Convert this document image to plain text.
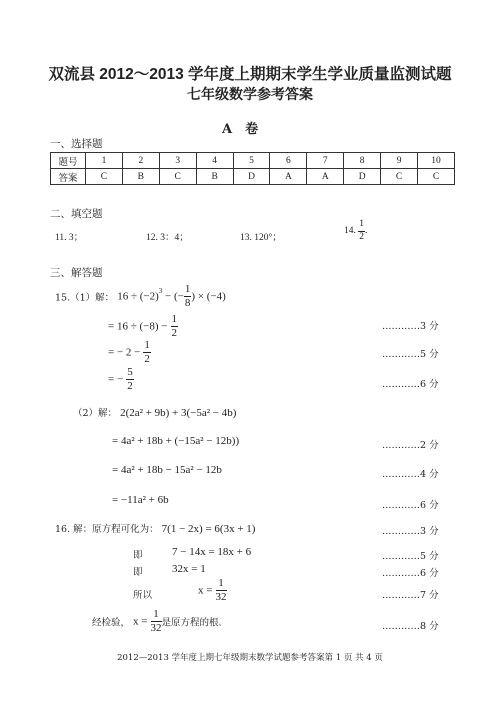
双流县 2012～2013 学年度上期期末学生学业质量监测试题
七年级数学参考答案
A　卷
一、选择题
题号	1	2	3	4	5	6	7	8	9	10
答案	C	B	C	B	D	A	A	D	C	C
二、填空题
11. 3；	12. 3：4；	13. 120°；
14. $\frac{1}{2}$ .
三、解答题
15.（1）解： $16 \div (-2)^3$ − (− $\frac{1}{8}$ ) × (−4)
= $16 \div (-8) - \frac{1}{2}$	…………3 分
= − $2 - \frac{1}{2}$	…………5 分
= − $\frac{5}{2}$	…………6 分
（2）解： 2(2a² + 9b) + 3(−5a² − 4b)
= 4a² + 18b + (−15a² − 12b))	…………2 分
= 4a² + 18b − 15a² − 12b	…………4 分
= −11a² + 6b	…………6 分
16. 解：原方程可化为： 7(1 − 2x) = 6(3x + 1)	…………3 分
即	7 − 14x = 18x + 6	…………5 分
即	32x = 1	…………6 分
所以	$x = \frac{1}{32}$	…………7 分
经检验， $x = \frac{1}{32}$ 是原方程的根.	…………8 分
2012—2013 学年度上期七年级期末数学试题参考答案第 1 页 共 4 页
